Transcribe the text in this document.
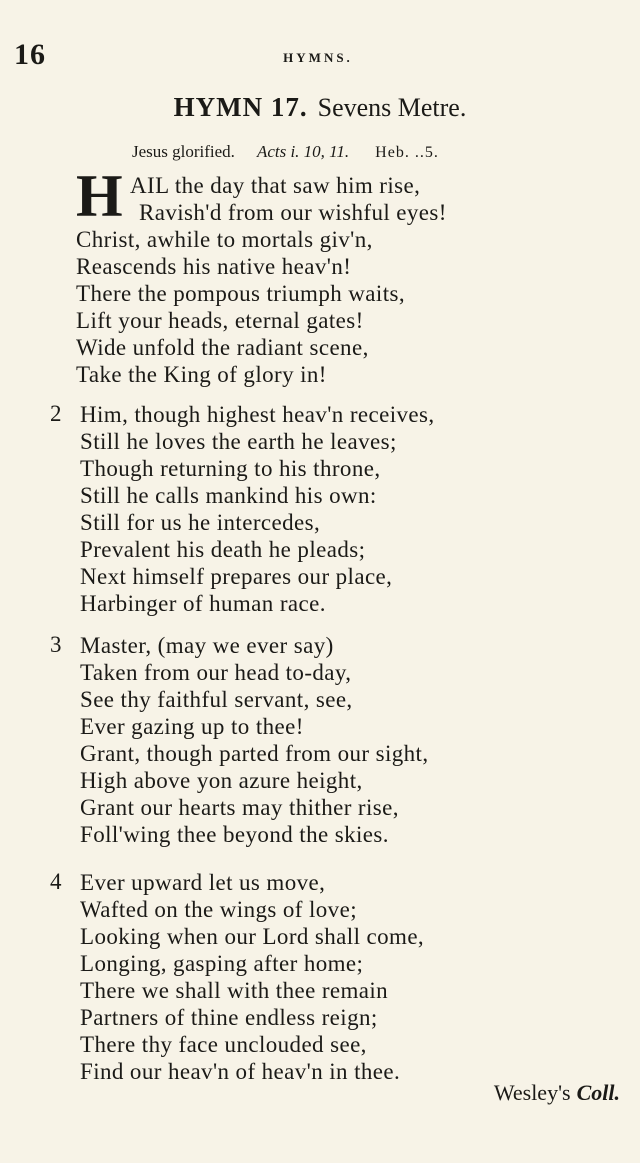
16	HYMNS.
HYMN 17. Sevens Metre.
Jesus glorified. Acts i. 10, 11. Heb. ..5.
H AIL the day that saw him rise,
Ravish'd from our wishful eyes!
Christ, awhile to mortals giv'n,
Reascends his native heav'n!
There the pompous triumph waits,
Lift your heads, eternal gates!
Wide unfold the radiant scene,
Take the King of glory in!
2 Him, though highest heav'n receives,
Still he loves the earth he leaves;
Though returning to his throne,
Still he calls mankind his own:
Still for us he intercedes,
Prevalent his death he pleads;
Next himself prepares our place,
Harbinger of human race.
3 Master, (may we ever say)
Taken from our head to-day,
See thy faithful servant, see,
Ever gazing up to thee!
Grant, though parted from our sight,
High above yon azure height,
Grant our hearts may thither rise,
Foll'wing thee beyond the skies.
4 Ever upward let us move,
Wafted on the wings of love;
Looking when our Lord shall come,
Longing, gasping after home;
There we shall with thee remain
Partners of thine endless reign;
There thy face unclouded see,
Find our heav'n of heav'n in thee.
Wesley's Coll.
